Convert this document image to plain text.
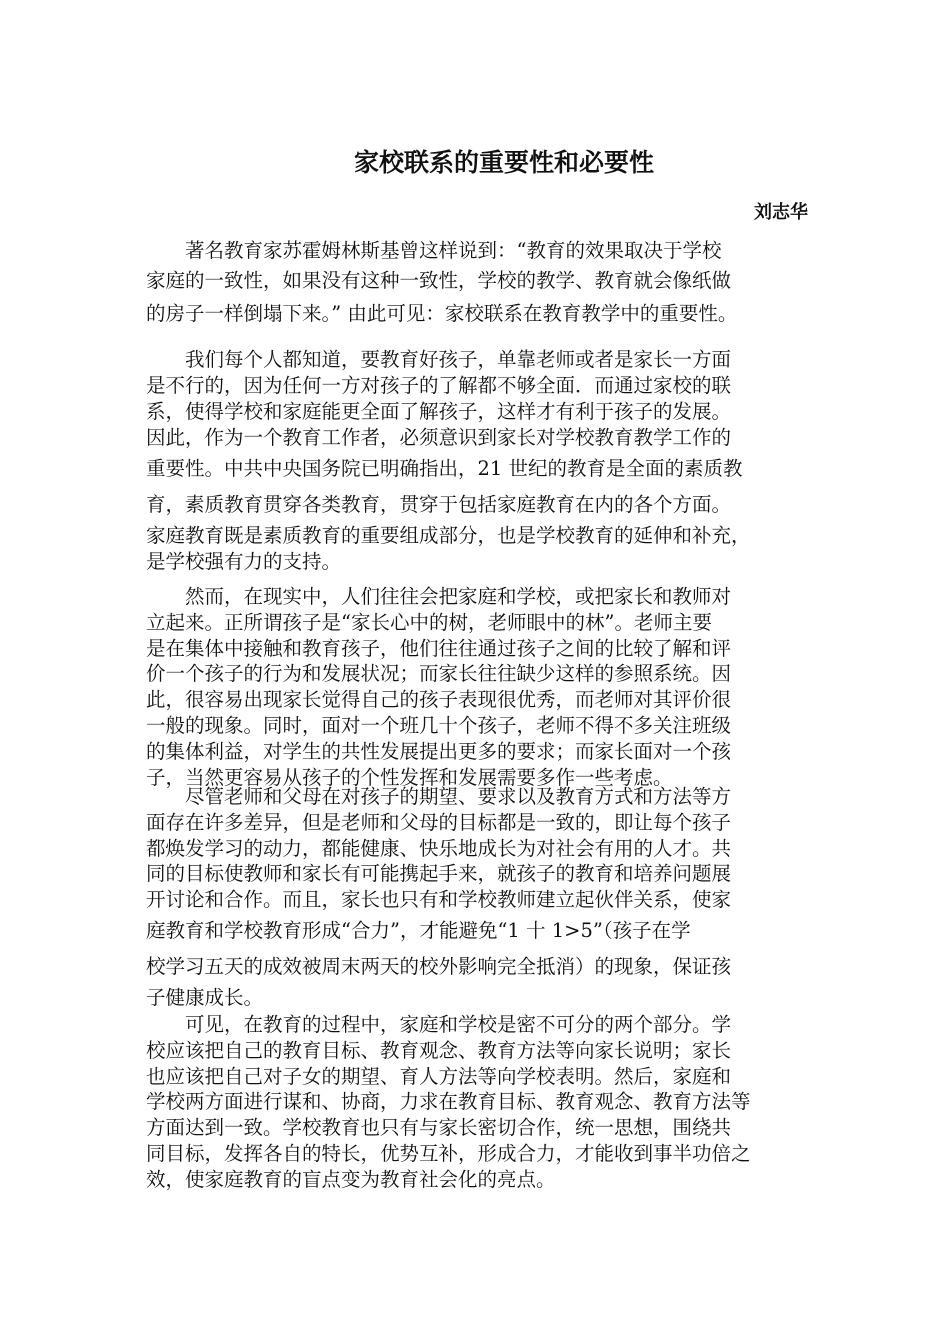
家校联系的重要性和必要性
刘志华

著名教育家苏霍姆林斯基曾这样说到：“教育的效果取决于学校
家庭的一致性，如果没有这种一致性，学校的教学、教育就会像纸做
的房子一样倒塌下来。” 由此可见：家校联系在教育教学中的重要性。

我们每个人都知道，要教育好孩子，单靠老师或者是家长一方面
是不行的，因为任何一方对孩子的了解都不够全面．而通过家校的联
系，使得学校和家庭能更全面了解孩子，这样才有利于孩子的发展。
因此，作为一个教育工作者，必须意识到家长对学校教育教学工作的
重要性。中共中央国务院已明确指出，21 世纪的教育是全面的素质教
育，素质教育贯穿各类教育，贯穿于包括家庭教育在内的各个方面。
家庭教育既是素质教育的重要组成部分，也是学校教育的延伸和补充，
是学校强有力的支持。

然而，在现实中，人们往往会把家庭和学校，或把家长和教师对
立起来。正所谓孩子是“家长心中的树，老师眼中的林”。老师主要
是在集体中接触和教育孩子，他们往往通过孩子之间的比较了解和评
价一个孩子的行为和发展状况；而家长往往缺少这样的参照系统。因
此，很容易出现家长觉得自己的孩子表现很优秀，而老师对其评价很
一般的现象。同时，面对一个班几十个孩子，老师不得不多关注班级
的集体利益，对学生的共性发展提出更多的要求；而家长面对一个孩
子，当然更容易从孩子的个性发挥和发展需要多作一些考虑。

尽管老师和父母在对孩子的期望、要求以及教育方式和方法等方
面存在许多差异，但是老师和父母的目标都是一致的，即让每个孩子
都焕发学习的动力，都能健康、快乐地成长为对社会有用的人才。共
同的目标使教师和家长有可能携起手来，就孩子的教育和培养问题展
开讨论和合作。而且，家长也只有和学校教师建立起伙伴关系，使家
庭教育和学校教育形成“合力”，才能避免“1 十 1>5”（孩子在学
校学习五天的成效被周末两天的校外影响完全抵消）的现象，保证孩
子健康成长。

可见，在教育的过程中，家庭和学校是密不可分的两个部分。学
校应该把自己的教育目标、教育观念、教育方法等向家长说明；家长
也应该把自己对子女的期望、育人方法等向学校表明。然后，家庭和
学校两方面进行谋和、协商，力求在教育目标、教育观念、教育方法等
方面达到一致。学校教育也只有与家长密切合作，统一思想，围绕共
同目标，发挥各自的特长，优势互补，形成合力，才能收到事半功倍之
效，使家庭教育的盲点变为教育社会化的亮点。
